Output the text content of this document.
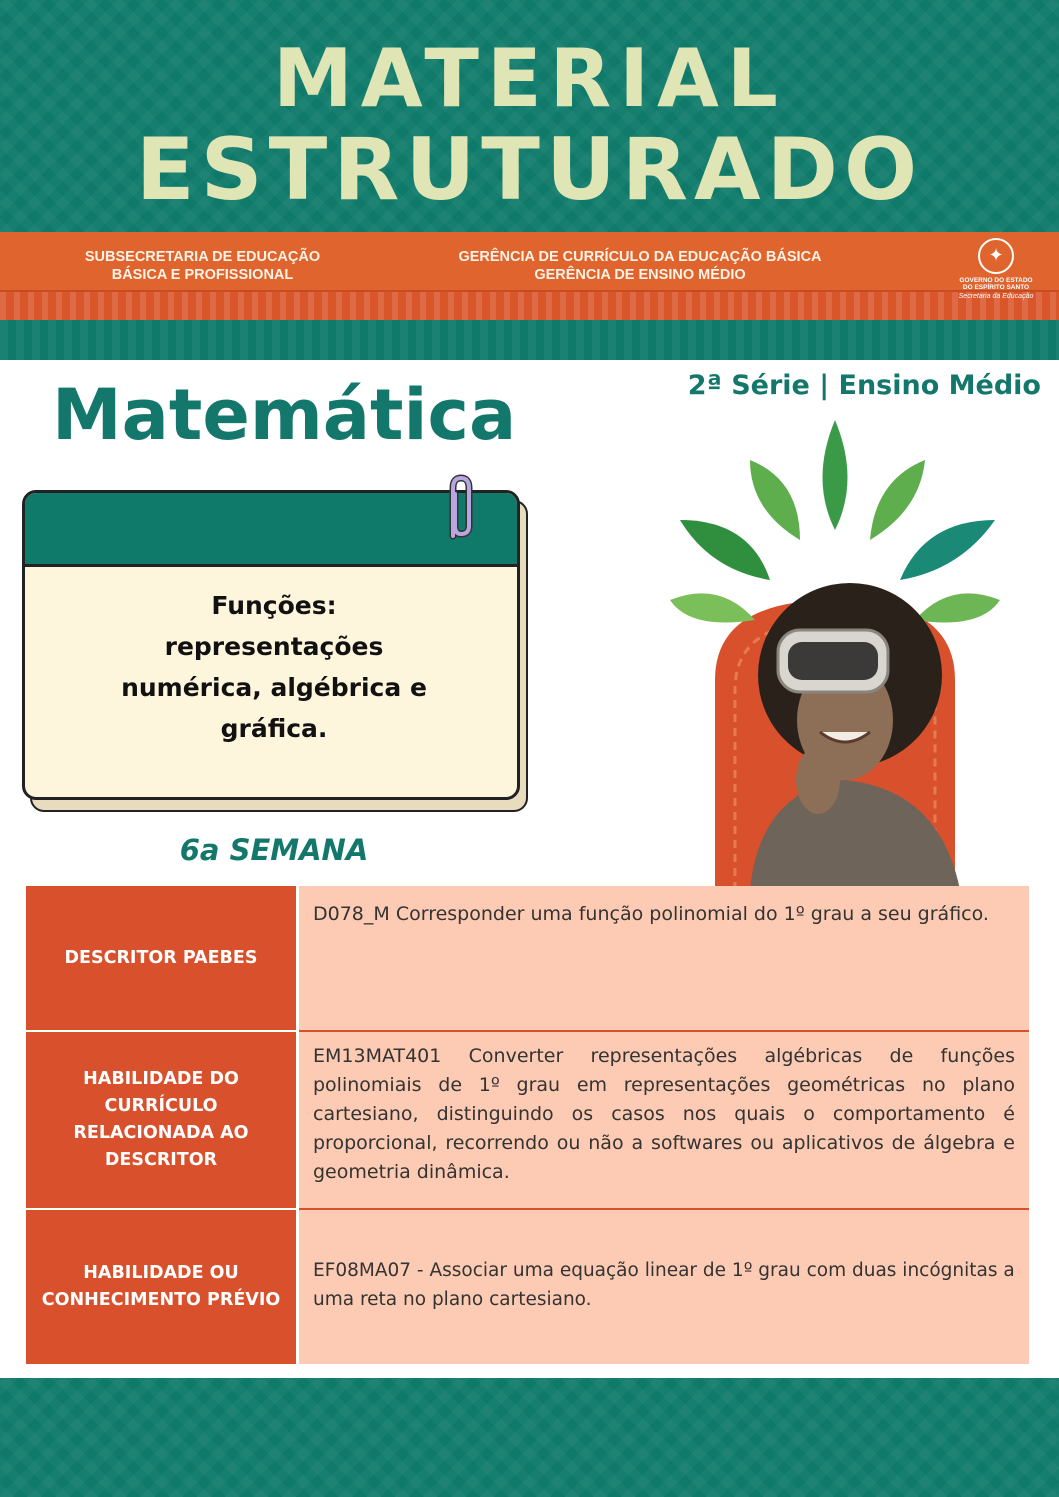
MATERIAL
ESTRUTURADO
SUBSECRETARIA DE EDUCAÇÃO
BÁSICA E PROFISSIONAL
GERÊNCIA DE CURRÍCULO DA EDUCAÇÃO BÁSICA
GERÊNCIA DE ENSINO MÉDIO
✦
GOVERNO DO ESTADO
DO ESPÍRITO SANTO
Secretaria da Educação
Matemática	2ª Série | Ensino Médio
Funções:
representações
numérica, algébrica e
gráfica.
6a SEMANA
DESCRITOR PAEBES
D078_M Corresponder uma função polinomial do 1º grau a seu gráfico.
HABILIDADE DO CURRÍCULO RELACIONADA AO DESCRITOR
EM13MAT401 Converter representações algébricas de funções polinomiais de 1º grau em representações geométricas no plano cartesiano, distinguindo os casos nos quais o comportamento é proporcional, recorrendo ou não a softwares ou aplicativos de álgebra e geometria dinâmica.
HABILIDADE OU CONHECIMENTO PRÉVIO
EF08MA07 - Associar uma equação linear de 1º grau com duas incógnitas a uma reta no plano cartesiano.
